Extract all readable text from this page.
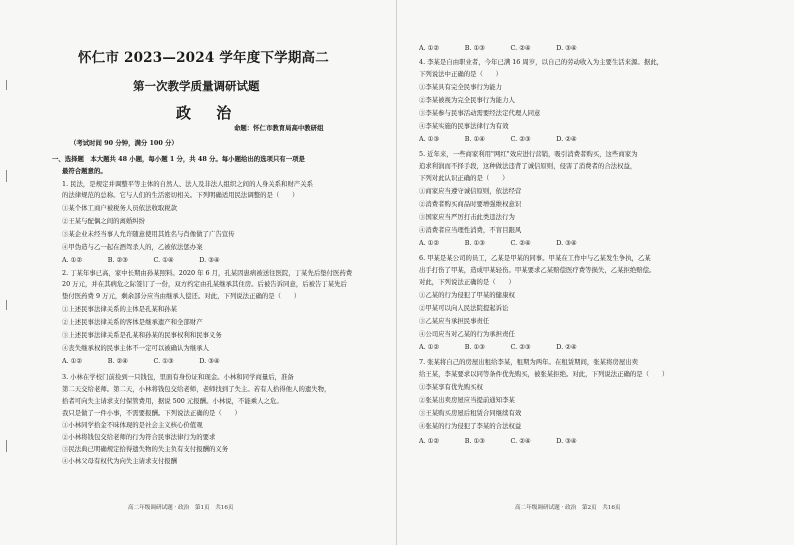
怀仁市 2023—2024 学年度下学期高二

第一次教学质量调研试题

政 治

命题：怀仁市教育局高中教研组

（考试时间 90 分钟，满分 100 分）

一、选择题　本大题共 48 小题，每小题 1 分，共 48 分。每小题给出的选项只有一项是

最符合题意的。

1. 民法，是规定并调整平等主体的自然人、法人及非法人组织之间的人身关系和财产关系

的法律规范的总称。它与人们的生活密切相关。下列明确适用民法调整的是（　　）

①某个体工商户被税务人员依法收取税款

②王某与配偶之间的离婚纠纷

③某企业未经当事人允许随意使用其姓名与肖像做了广告宣传

④甲伪造与乙一起在酒驾杀人的，乙被依法惩办案

A. ①②　　　　B. ②③　　　　C. ①④　　　　D. ③④

2. 丁某年事已高，家中长期由孙某照料。2020 年 6 月，孔某因患病被送往医院，丁某先后垫付医药费

20 万元，并在其病危之际签订了一份，双方约定由孔某继承其住房。后被告诉同意，后被告丁某先后

垫付医药费 9 万元，剩余部分应当由继承人偿还。对此，下列说法正确的是（　　）

①上述民事法律关系的主体是孔某和孙某

②上述民事法律关系的客体是继承遗产和全部财产

③上述民事法律关系是孔某和孙某的民事权利和民事义务

④丧失继承权的民事主体不一定可以被确认为继承人

A. ①②　　　　B. ②④　　　　C. ①③　　　　D. ③④

3. 小林在学校门前捡到一只钱包，里面有身份证和现金。小林和同学商量后，准备

第二天交给老师。第二天，小林将钱包交给老师，老师找到了失主。若有人拾得他人的遗失物，

拾者可向失主请求支付保管费用，据说 500 元报酬。小林说，不能乘人之危。

我只是做了一件小事，不需要报酬。下列说法正确的是（　　）

①小林同学拾金不昧体现的是社会主义核心价值观

②小林将钱包交给老师的行为符合民事法律行为的要求

③民法典已明确规定拾得遗失物的失主负有支付报酬的义务

④小林父母有权代为向失主请求支付报酬

高二年级调研试题 · 政治　第1页　共16页

A. ①②　　　　B. ①③　　　　C. ②④　　　　D. ③④

4. 李某是自由职业者，今年已满 16 周岁，以自己的劳动收入为主要生活来源。据此，

下列说法中正确的是（　　）

①李某具有完全民事行为能力

②李某被视为完全民事行为能力人

③李某参与民事活动需要经法定代理人同意

④李某实施的民事法律行为有效

A. ①③　　　　B. ①④　　　　C. ②③　　　　D. ②④

5. 近年来，一些商家利用"网红"效应进行营销，吸引消费者购买，这些商家为

追求利润而不择手段，这种做法违背了诚信原则，侵害了消费者的合法权益，

下列对此认识正确的是（　　）

①商家应当遵守诚信原则，依法经营

②消费者购买商品时要增强维权意识

③国家应当严厉打击此类违法行为

④消费者应当理性消费，不盲目跟风

A. ①②　　　　B. ①③　　　　C. ②④　　　　D. ③④

6. 甲某是某公司的员工，乙某是甲某的同事。甲某在工作中与乙某发生争执，乙某

出手打伤了甲某，造成甲某轻伤。甲某要求乙某赔偿医疗费等损失，乙某拒绝赔偿。

对此，下列说法正确的是（　　）

①乙某的行为侵犯了甲某的健康权

②甲某可以向人民法院提起诉讼

③乙某应当承担民事责任

④公司应当对乙某的行为承担责任

A. ①②　　　　B. ①③　　　　C. ②③　　　　D. ②④

7. 张某将自己的房屋出租给李某，租期为两年。在租赁期间，张某将房屋出卖

给王某，李某要求以同等条件优先购买，被张某拒绝。对此，下列说法正确的是（　　）

①李某享有优先购买权

②张某出卖房屋应当提前通知李某

③王某购买房屋后租赁合同继续有效

④张某的行为侵犯了李某的合法权益

A. ①②　　　　B. ①③　　　　C. ②④　　　　D. ③④

高二年级调研试题 · 政治　第2页　共16页
